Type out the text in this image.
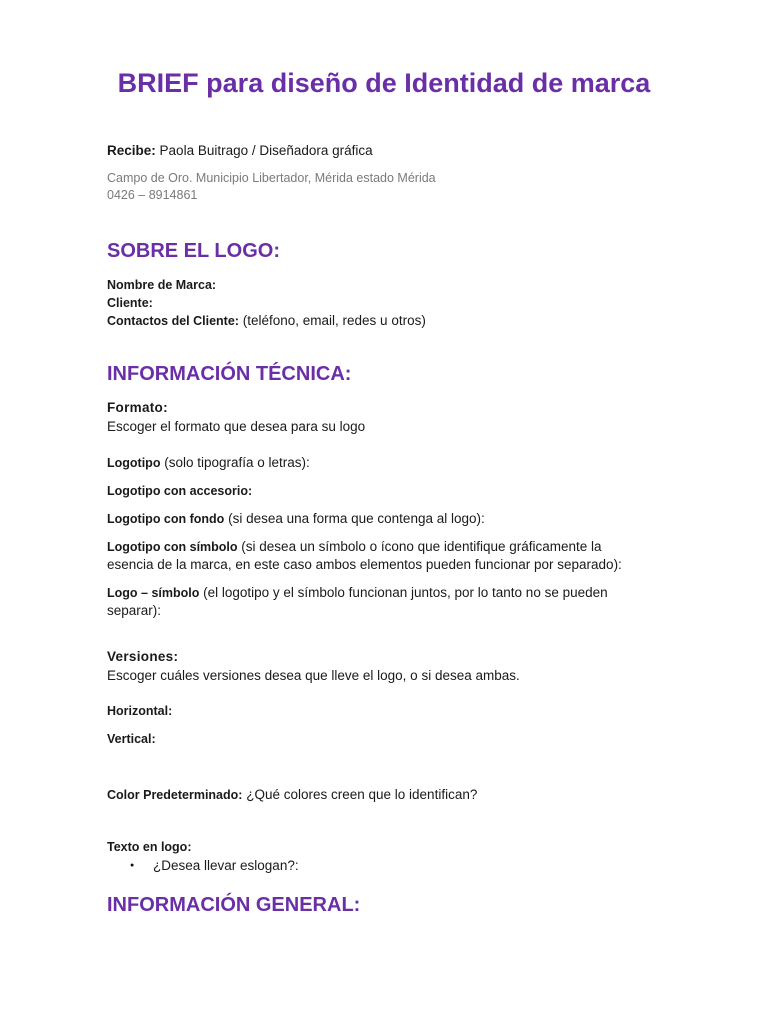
BRIEF para diseño de Identidad de marca
Recibe: Paola Buitrago / Diseñadora gráfica
Campo de Oro. Municipio Libertador, Mérida estado Mérida
0426 – 8914861
SOBRE EL LOGO:
Nombre de Marca:
Cliente:
Contactos del Cliente: (teléfono, email, redes u otros)
INFORMACIÓN TÉCNICA:
Formato:
Escoger el formato que desea para su logo
Logotipo (solo tipografía o letras):
Logotipo con accesorio:
Logotipo con fondo (si desea una forma que contenga al logo):
Logotipo con símbolo (si desea un símbolo o ícono que identifique gráficamente la esencia de la marca, en este caso ambos elementos pueden funcionar por separado):
Logo – símbolo (el logotipo y el símbolo funcionan juntos, por lo tanto no se pueden separar):
Versiones:
Escoger cuáles versiones desea que lleve el logo, o si desea ambas.
Horizontal:
Vertical:
Color Predeterminado: ¿Qué colores creen que lo identifican?
Texto en logo:
● ¿Desea llevar eslogan?:
INFORMACIÓN GENERAL:
